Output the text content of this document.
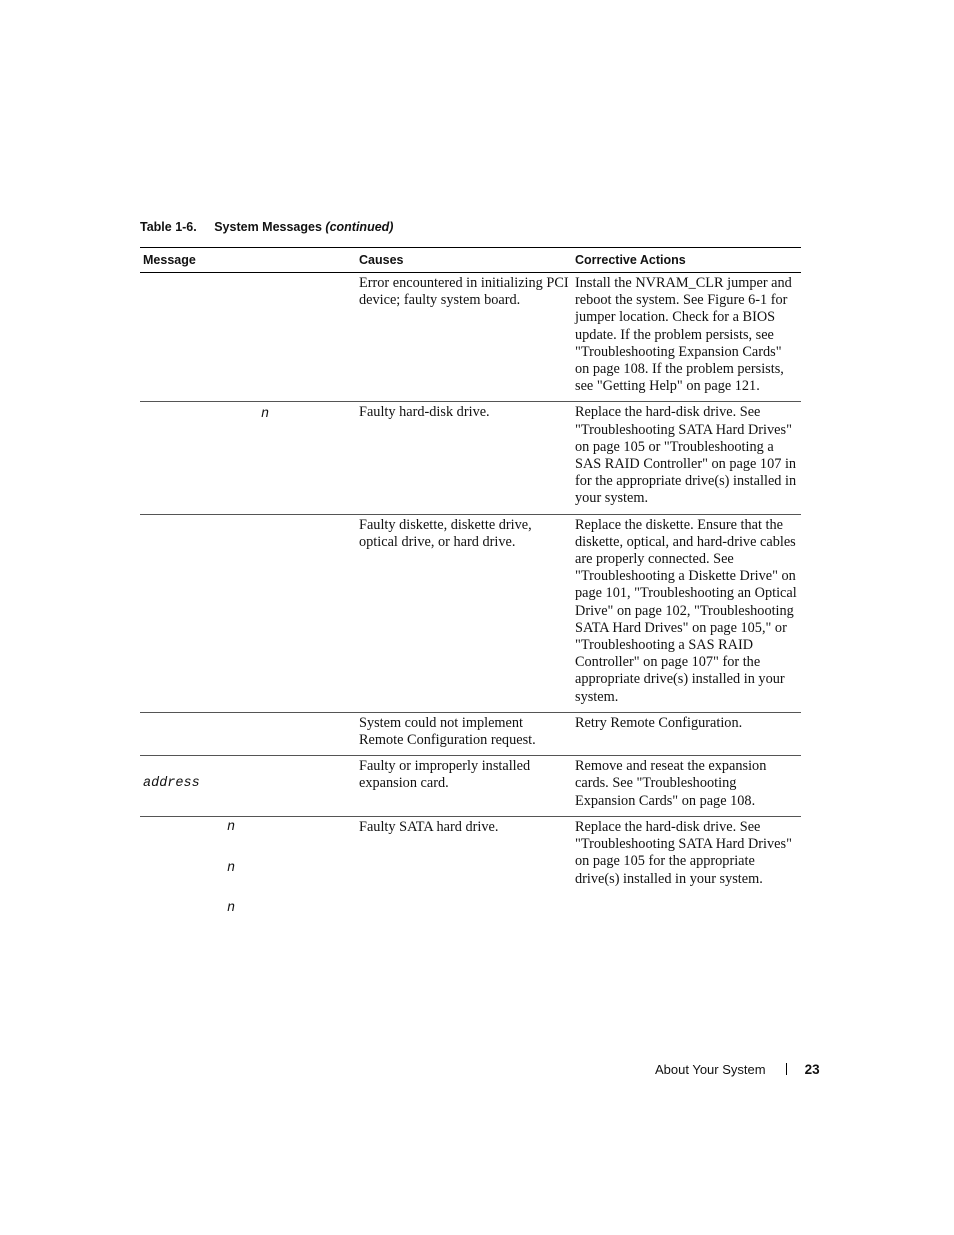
Table 1-6. System Messages (continued)
Message	Causes	Corrective Actions
	Error encountered in initializing PCI device; faulty system board.	Install the NVRAM_CLR jumper and reboot the system. See Figure 6-1 for jumper location. Check for a BIOS update. If the problem persists, see "Troubleshooting Expansion Cards" on page 108. If the problem persists, see "Getting Help" on page 121.

n	Faulty hard-disk drive.	Replace the hard-disk drive. See "Troubleshooting SATA Hard Drives" on page 105 or "Troubleshooting a SAS RAID Controller" on page 107 in for the appropriate drive(s) installed in your system.
	Faulty diskette, diskette drive, optical drive, or hard drive.	Replace the diskette. Ensure that the diskette, optical, and hard-drive cables are properly connected. See "Troubleshooting a Diskette Drive" on page 101, "Troubleshooting an Optical Drive" on page 102, "Troubleshooting SATA Hard Drives" on page 105," or "Troubleshooting a SAS RAID Controller" on page 107" for the appropriate drive(s) installed in your system.
	System could not implement Remote Configuration request.	Retry Remote Configuration.

address	Faulty or improperly installed expansion card.	Remove and reseat the expansion cards. See "Troubleshooting Expansion Cards" on page 108.

n
n
n	Faulty SATA hard drive.	Replace the hard-disk drive. See "Troubleshooting SATA Hard Drives" on page 105 for the appropriate drive(s) installed in your system.
About Your System	23
